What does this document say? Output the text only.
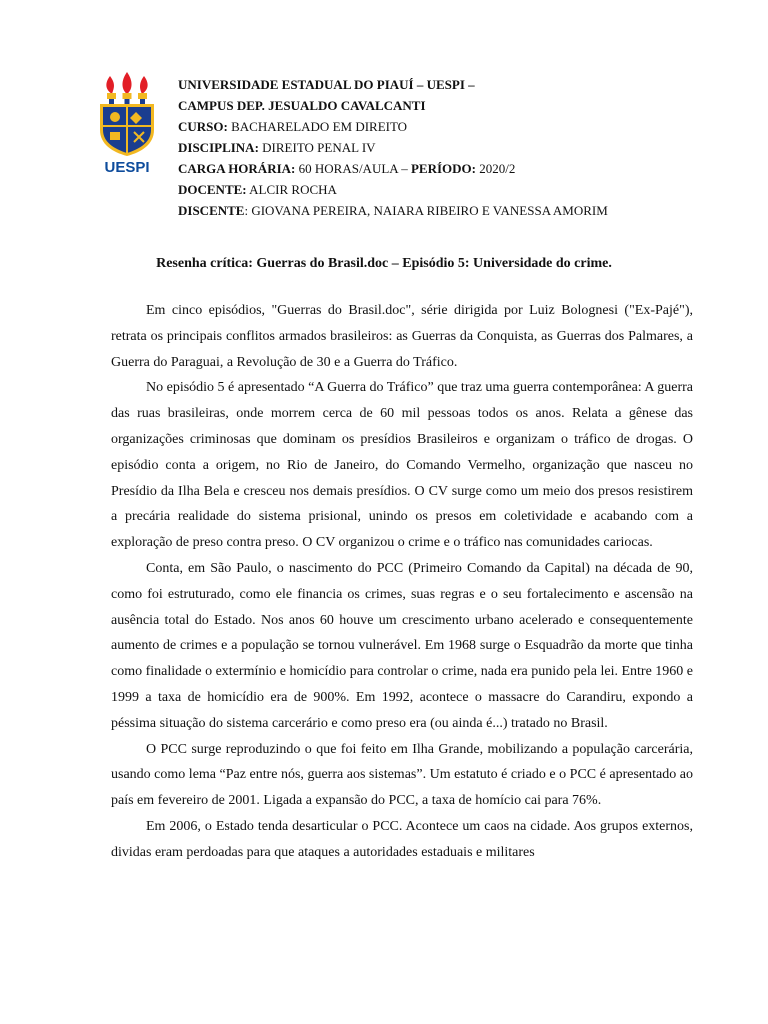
UESPI
UNIVERSIDADE ESTADUAL DO PIAUÍ – UESPI –
CAMPUS DEP. JESUALDO CAVALCANTI
CURSO: BACHARELADO EM DIREITO
DISCIPLINA: DIREITO PENAL IV
CARGA HORÁRIA: 60 HORAS/AULA – PERÍODO: 2020/2
DOCENTE: ALCIR ROCHA
DISCENTE: GIOVANA PEREIRA, NAIARA RIBEIRO E VANESSA AMORIM
Resenha crítica: Guerras do Brasil.doc – Episódio 5: Universidade do crime.

Em cinco episódios, "Guerras do Brasil.doc", série dirigida por Luiz Bolognesi ("Ex-Pajé"), retrata os principais conflitos armados brasileiros: as Guerras da Conquista, as Guerras dos Palmares, a Guerra do Paraguai, a Revolução de 30 e a Guerra do Tráfico.

No episódio 5 é apresentado “A Guerra do Tráfico” que traz uma guerra contemporânea: A guerra das ruas brasileiras, onde morrem cerca de 60 mil pessoas todos os anos. Relata a gênese das organizações criminosas que dominam os presídios Brasileiros e organizam o tráfico de drogas. O episódio conta a origem, no Rio de Janeiro, do Comando Vermelho, organização que nasceu no Presídio da Ilha Bela e cresceu nos demais presídios. O CV surge como um meio dos presos resistirem a precária realidade do sistema prisional, unindo os presos em coletividade e acabando com a exploração de preso contra preso. O CV organizou o crime e o tráfico nas comunidades cariocas.

Conta, em São Paulo, o nascimento do PCC (Primeiro Comando da Capital) na década de 90, como foi estruturado, como ele financia os crimes, suas regras e o seu fortalecimento e ascensão na ausência total do Estado. Nos anos 60 houve um crescimento urbano acelerado e consequentemente aumento de crimes e a população se tornou vulnerável. Em 1968 surge o Esquadrão da morte que tinha como finalidade o extermínio e homicídio para controlar o crime, nada era punido pela lei. Entre 1960 e 1999 a taxa de homicídio era de 900%. Em 1992, acontece o massacre do Carandiru, expondo a péssima situação do sistema carcerário e como preso era (ou ainda é...) tratado no Brasil.

O PCC surge reproduzindo o que foi feito em Ilha Grande, mobilizando a população carcerária, usando como lema “Paz entre nós, guerra aos sistemas”. Um estatuto é criado e o PCC é apresentado ao país em fevereiro de 2001. Ligada a expansão do PCC, a taxa de homício cai para 76%.

Em 2006, o Estado tenda desarticular o PCC. Acontece um caos na cidade. Aos grupos externos, dividas eram perdoadas para que ataques a autoridades estaduais e militares
